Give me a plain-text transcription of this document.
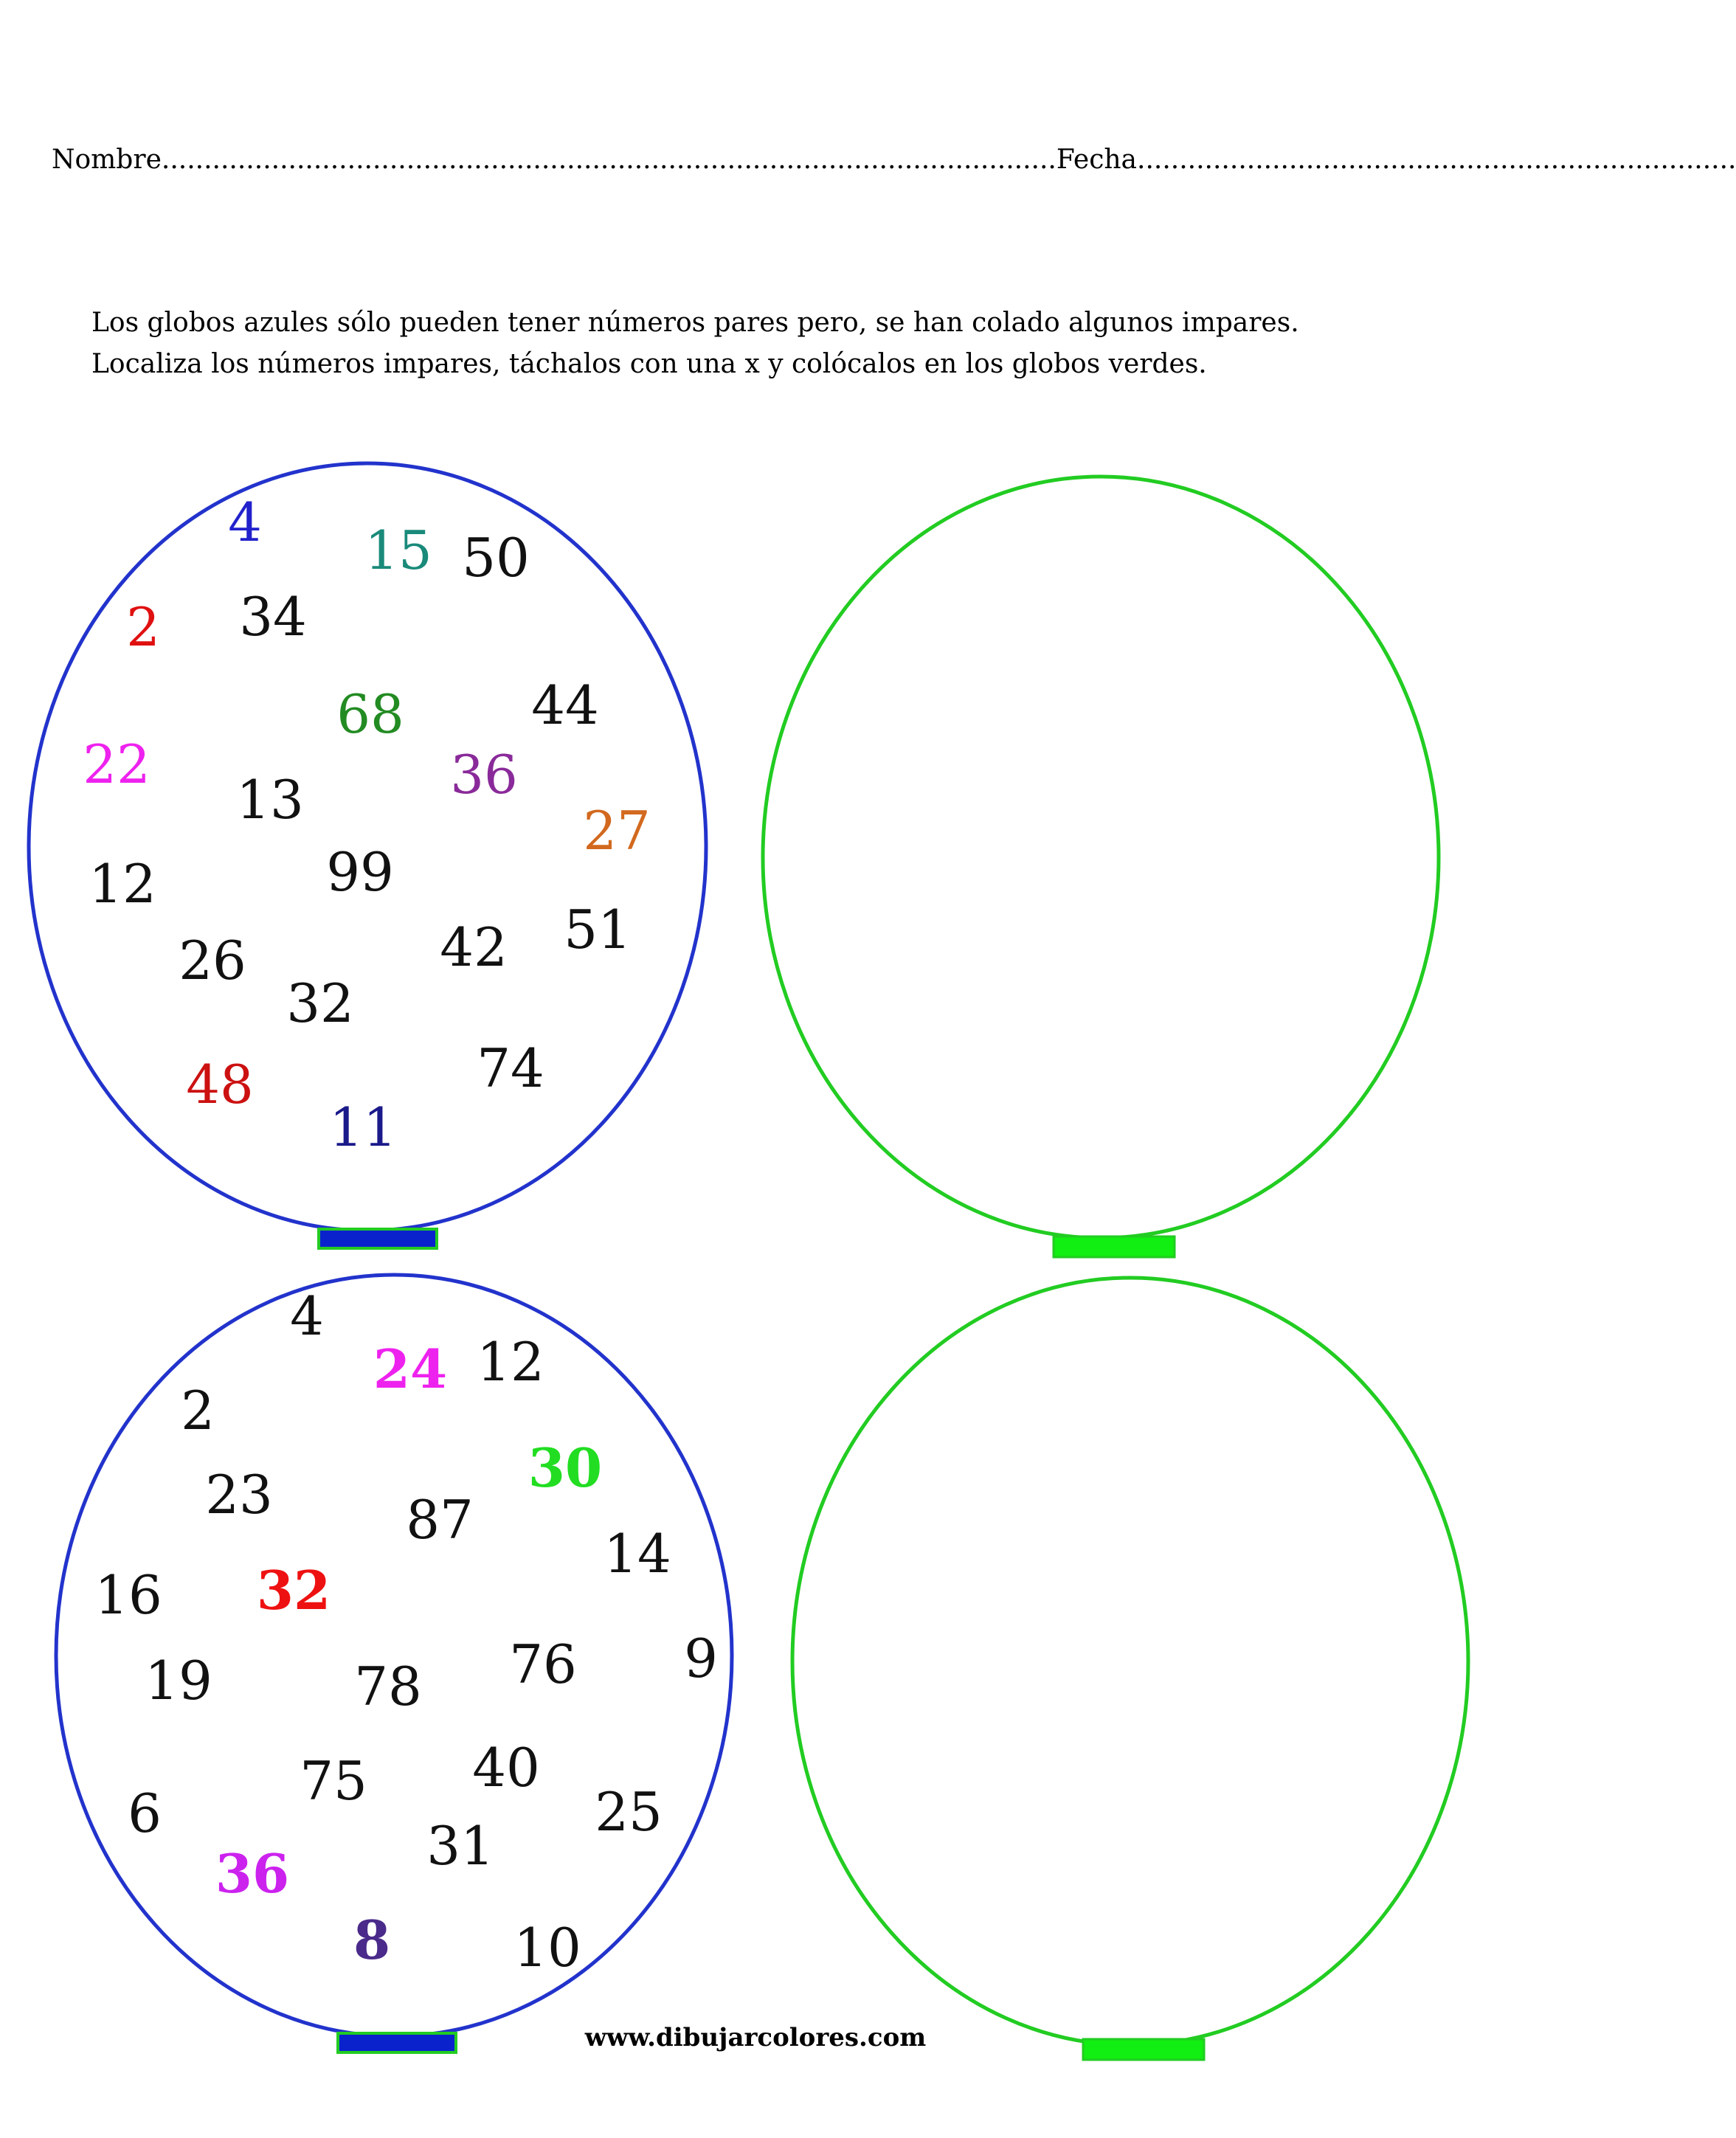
Nombre..........................................................................................................Fecha.......................................................................

Los globos azules sólo pueden tener números pares pero, se han colado algunos impares.

Localiza los números impares, táchalos con una x y colócalos en los globos verdes.

4 15 50
2 34
68 44
22	36
13	27
12	99
51
26	42
32
48	74
11
4
24 12
2
30
23	87
14
16 32
9
76
19	78
40
75	25
6
31
36
8 10
www.dibujarcolores.com
